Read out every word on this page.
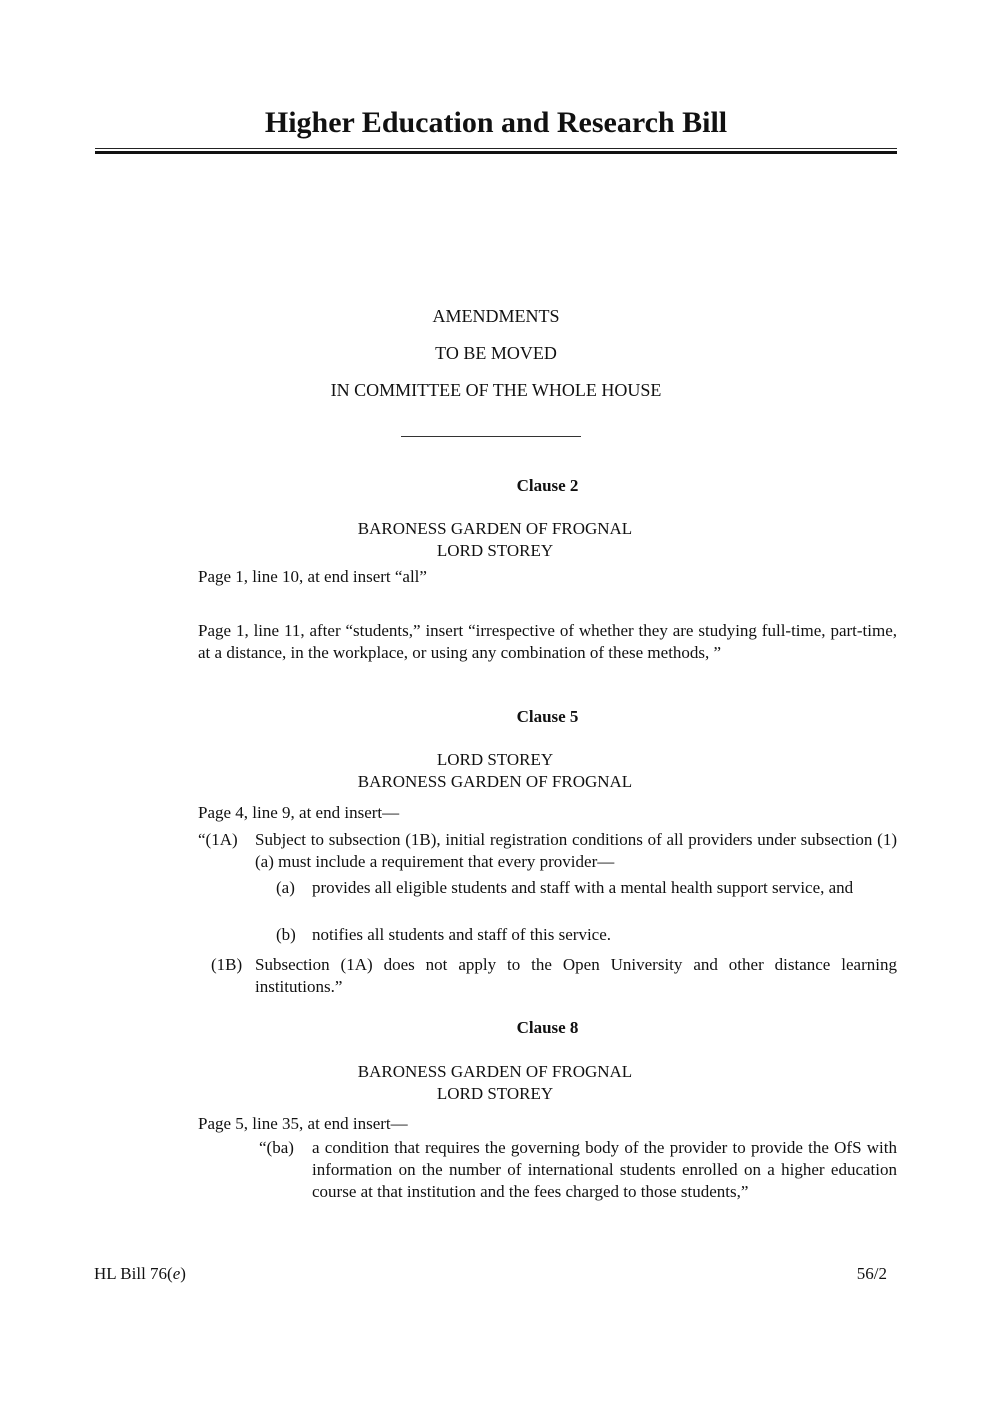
Higher Education and Research Bill
AMENDMENTS
TO BE MOVED
IN COMMITTEE OF THE WHOLE HOUSE
Clause 2
BARONESS GARDEN OF FROGNAL
LORD STOREY
Page 1, line 10, at end insert “all”
Page 1, line 11, after “students,” insert “irrespective of whether they are studying full-time, part-time, at a distance, in the workplace, or using any combination of these methods, ”
Clause 5
LORD STOREY
BARONESS GARDEN OF FROGNAL
Page 4, line 9, at end insert—
“(1A) Subject to subsection (1B), initial registration conditions of all providers under subsection (1)(a) must include a requirement that every provider—
(a) provides all eligible students and staff with a mental health support service, and
(b) notifies all students and staff of this service.
(1B) Subsection (1A) does not apply to the Open University and other distance learning institutions.”
Clause 8
BARONESS GARDEN OF FROGNAL
LORD STOREY
Page 5, line 35, at end insert—
“(ba) a condition that requires the governing body of the provider to provide the OfS with information on the number of international students enrolled on a higher education course at that institution and the fees charged to those students,”
HL Bill 76(e)	56/2
